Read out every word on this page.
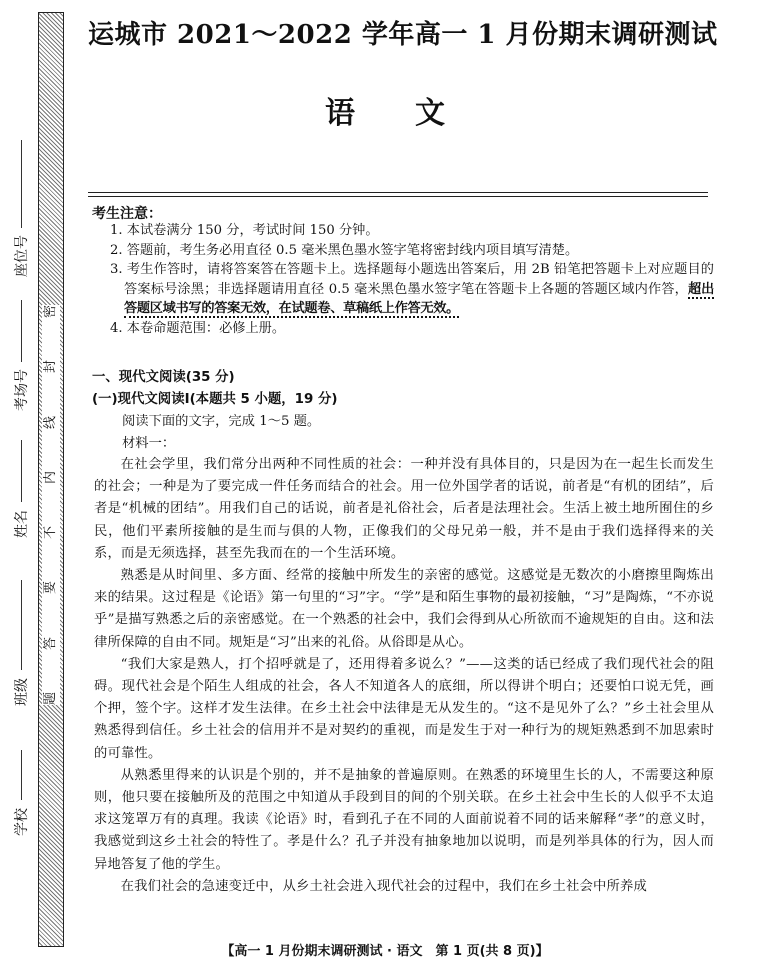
密
封
线
内
不
要
答
题
座位号
考场号
姓名
班级
学校
运城市 2021～2022 学年高一 1 月份期末调研测试
语文
考生注意：
1. 本试卷满分 150 分，考试时间 150 分钟。
2. 答题前，考生务必用直径 0.5 毫米黑色墨水签字笔将密封线内项目填写清楚。
3. 考生作答时，请将答案答在答题卡上。选择题每小题选出答案后，用 2B 铅笔把答题卡上对应题目的答案标号涂黑；非选择题请用直径 0.5 毫米黑色墨水签字笔在答题卡上各题的答题区域内作答，超出答题区域书写的答案无效，在试题卷、草稿纸上作答无效。
4. 本卷命题范围：必修上册。
一、现代文阅读(35 分)
(一)现代文阅读Ⅰ(本题共 5 小题，19 分)
阅读下面的文字，完成 1～5 题。
材料一：

在社会学里，我们常分出两种不同性质的社会：一种并没有具体目的，只是因为在一起生长而发生的社会；一种是为了要完成一件任务而结合的社会。用一位外国学者的话说，前者是“有机的团结”，后者是“机械的团结”。用我们自己的话说，前者是礼俗社会，后者是法理社会。生活上被土地所囿住的乡民，他们平素所接触的是生而与俱的人物，正像我们的父母兄弟一般，并不是由于我们选择得来的关系，而是无须选择，甚至先我而在的一个生活环境。

熟悉是从时间里、多方面、经常的接触中所发生的亲密的感觉。这感觉是无数次的小磨擦里陶炼出来的结果。这过程是《论语》第一句里的“习”字。“学”是和陌生事物的最初接触，“习”是陶炼，“不亦说乎”是描写熟悉之后的亲密感觉。在一个熟悉的社会中，我们会得到从心所欲而不逾规矩的自由。这和法律所保障的自由不同。规矩是“习”出来的礼俗。从俗即是从心。

“我们大家是熟人，打个招呼就是了，还用得着多说么？”——这类的话已经成了我们现代社会的阻碍。现代社会是个陌生人组成的社会，各人不知道各人的底细，所以得讲个明白；还要怕口说无凭，画个押，签个字。这样才发生法律。在乡土社会中法律是无从发生的。“这不是见外了么？”乡土社会里从熟悉得到信任。乡土社会的信用并不是对契约的重视，而是发生于对一种行为的规矩熟悉到不加思索时的可靠性。

从熟悉里得来的认识是个别的，并不是抽象的普遍原则。在熟悉的环境里生长的人，不需要这种原则，他只要在接触所及的范围之中知道从手段到目的间的个别关联。在乡土社会中生长的人似乎不太追求这笼罩万有的真理。我读《论语》时，看到孔子在不同的人面前说着不同的话来解释“孝”的意义时，我感觉到这乡土社会的特性了。孝是什么？孔子并没有抽象地加以说明，而是列举具体的行为，因人而异地答复了他的学生。

在我们社会的急速变迁中，从乡土社会进入现代社会的过程中，我们在乡土社会中所养成

【高一 1 月份期末调研测试 · 语文　第 1 页(共 8 页)】
